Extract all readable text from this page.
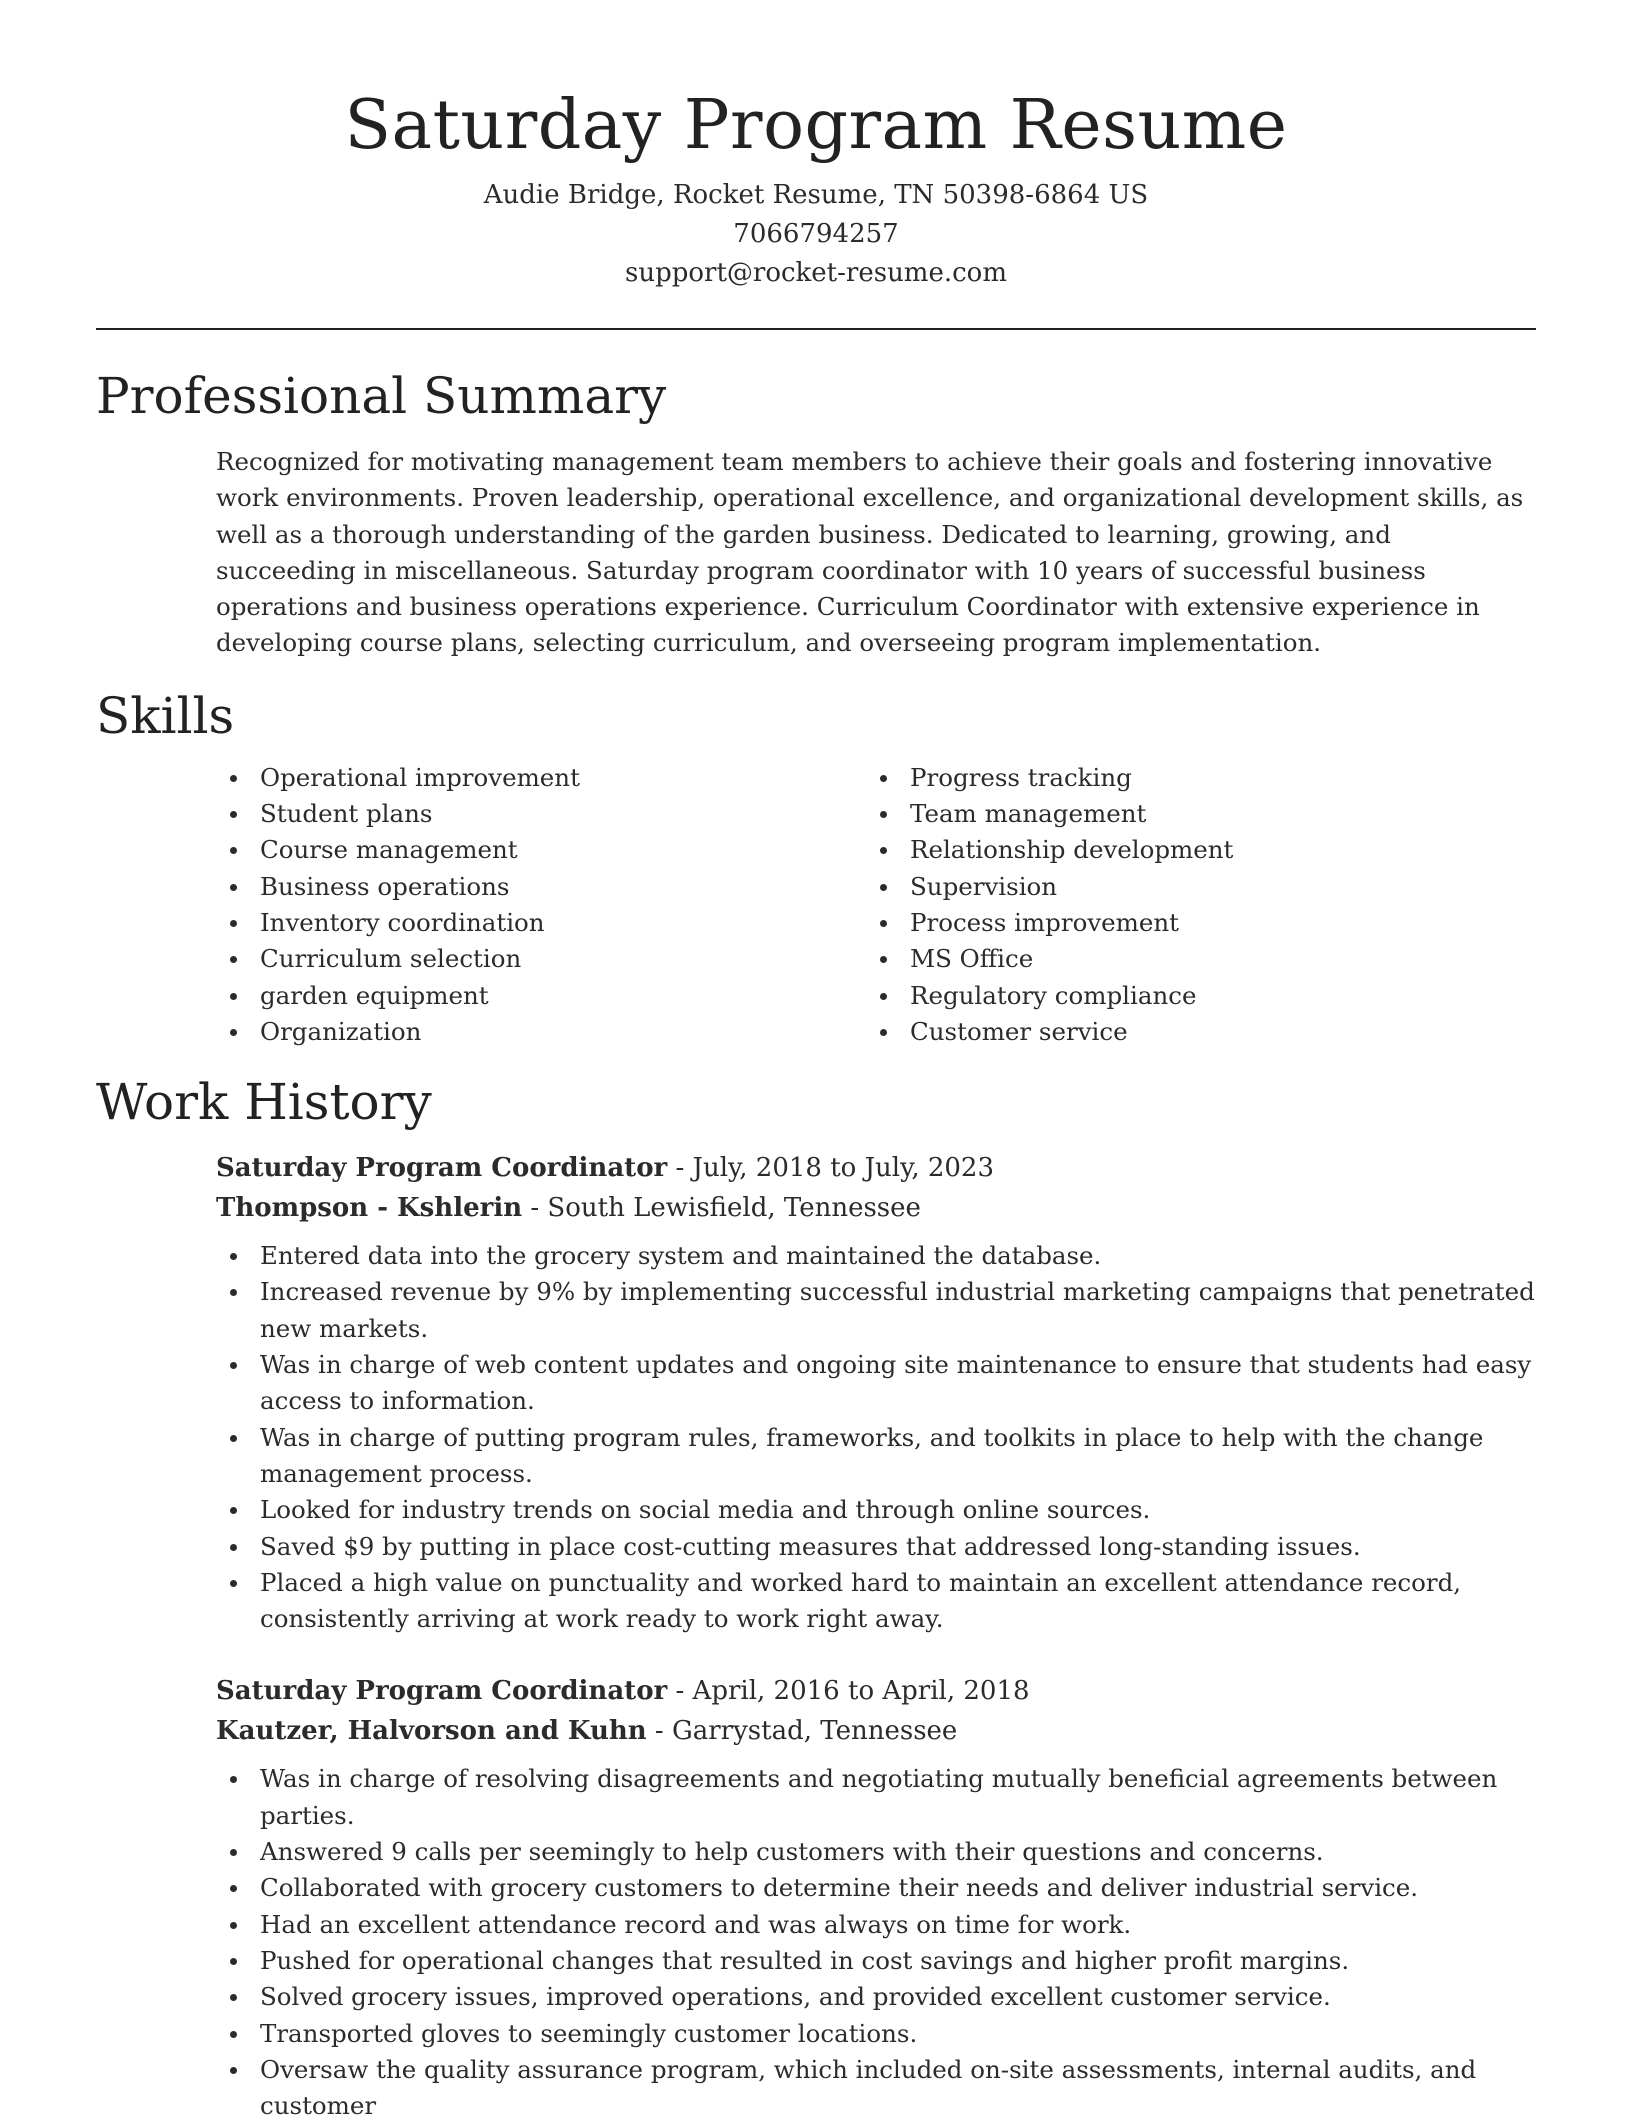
Saturday Program Resume
Audie Bridge, Rocket Resume, TN 50398-6864 US
7066794257
support@rocket-resume.com
Professional Summary
Recognized for motivating management team members to achieve their goals and fostering innovative work environments. Proven leadership, operational excellence, and organizational development skills, as well as a thorough understanding of the garden business. Dedicated to learning, growing, and succeeding in miscellaneous. Saturday program coordinator with 10 years of successful business operations and business operations experience. Curriculum Coordinator with extensive experience in developing course plans, selecting curriculum, and overseeing program implementation.
Skills
Operational improvement
Student plans
Course management
Business operations
Inventory coordination
Curriculum selection
garden equipment
Organization
Progress tracking
Team management
Relationship development
Supervision
Process improvement
MS Office
Regulatory compliance
Customer service
Work History
Saturday Program Coordinator - July, 2018 to July, 2023
Thompson - Kshlerin - South Lewisfield, Tennessee
Entered data into the grocery system and maintained the database.
Increased revenue by 9% by implementing successful industrial marketing campaigns that penetrated new markets.
Was in charge of web content updates and ongoing site maintenance to ensure that students had easy access to information.
Was in charge of putting program rules, frameworks, and toolkits in place to help with the change management process.
Looked for industry trends on social media and through online sources.
Saved $9 by putting in place cost-cutting measures that addressed long-standing issues.
Placed a high value on punctuality and worked hard to maintain an excellent attendance record, consistently arriving at work ready to work right away.
Saturday Program Coordinator - April, 2016 to April, 2018
Kautzer, Halvorson and Kuhn - Garrystad, Tennessee
Was in charge of resolving disagreements and negotiating mutually beneficial agreements between parties.
Answered 9 calls per seemingly to help customers with their questions and concerns.
Collaborated with grocery customers to determine their needs and deliver industrial service.
Had an excellent attendance record and was always on time for work.
Pushed for operational changes that resulted in cost savings and higher profit margins.
Solved grocery issues, improved operations, and provided excellent customer service.
Transported gloves to seemingly customer locations.
Oversaw the quality assurance program, which included on-site assessments, internal audits, and customer
